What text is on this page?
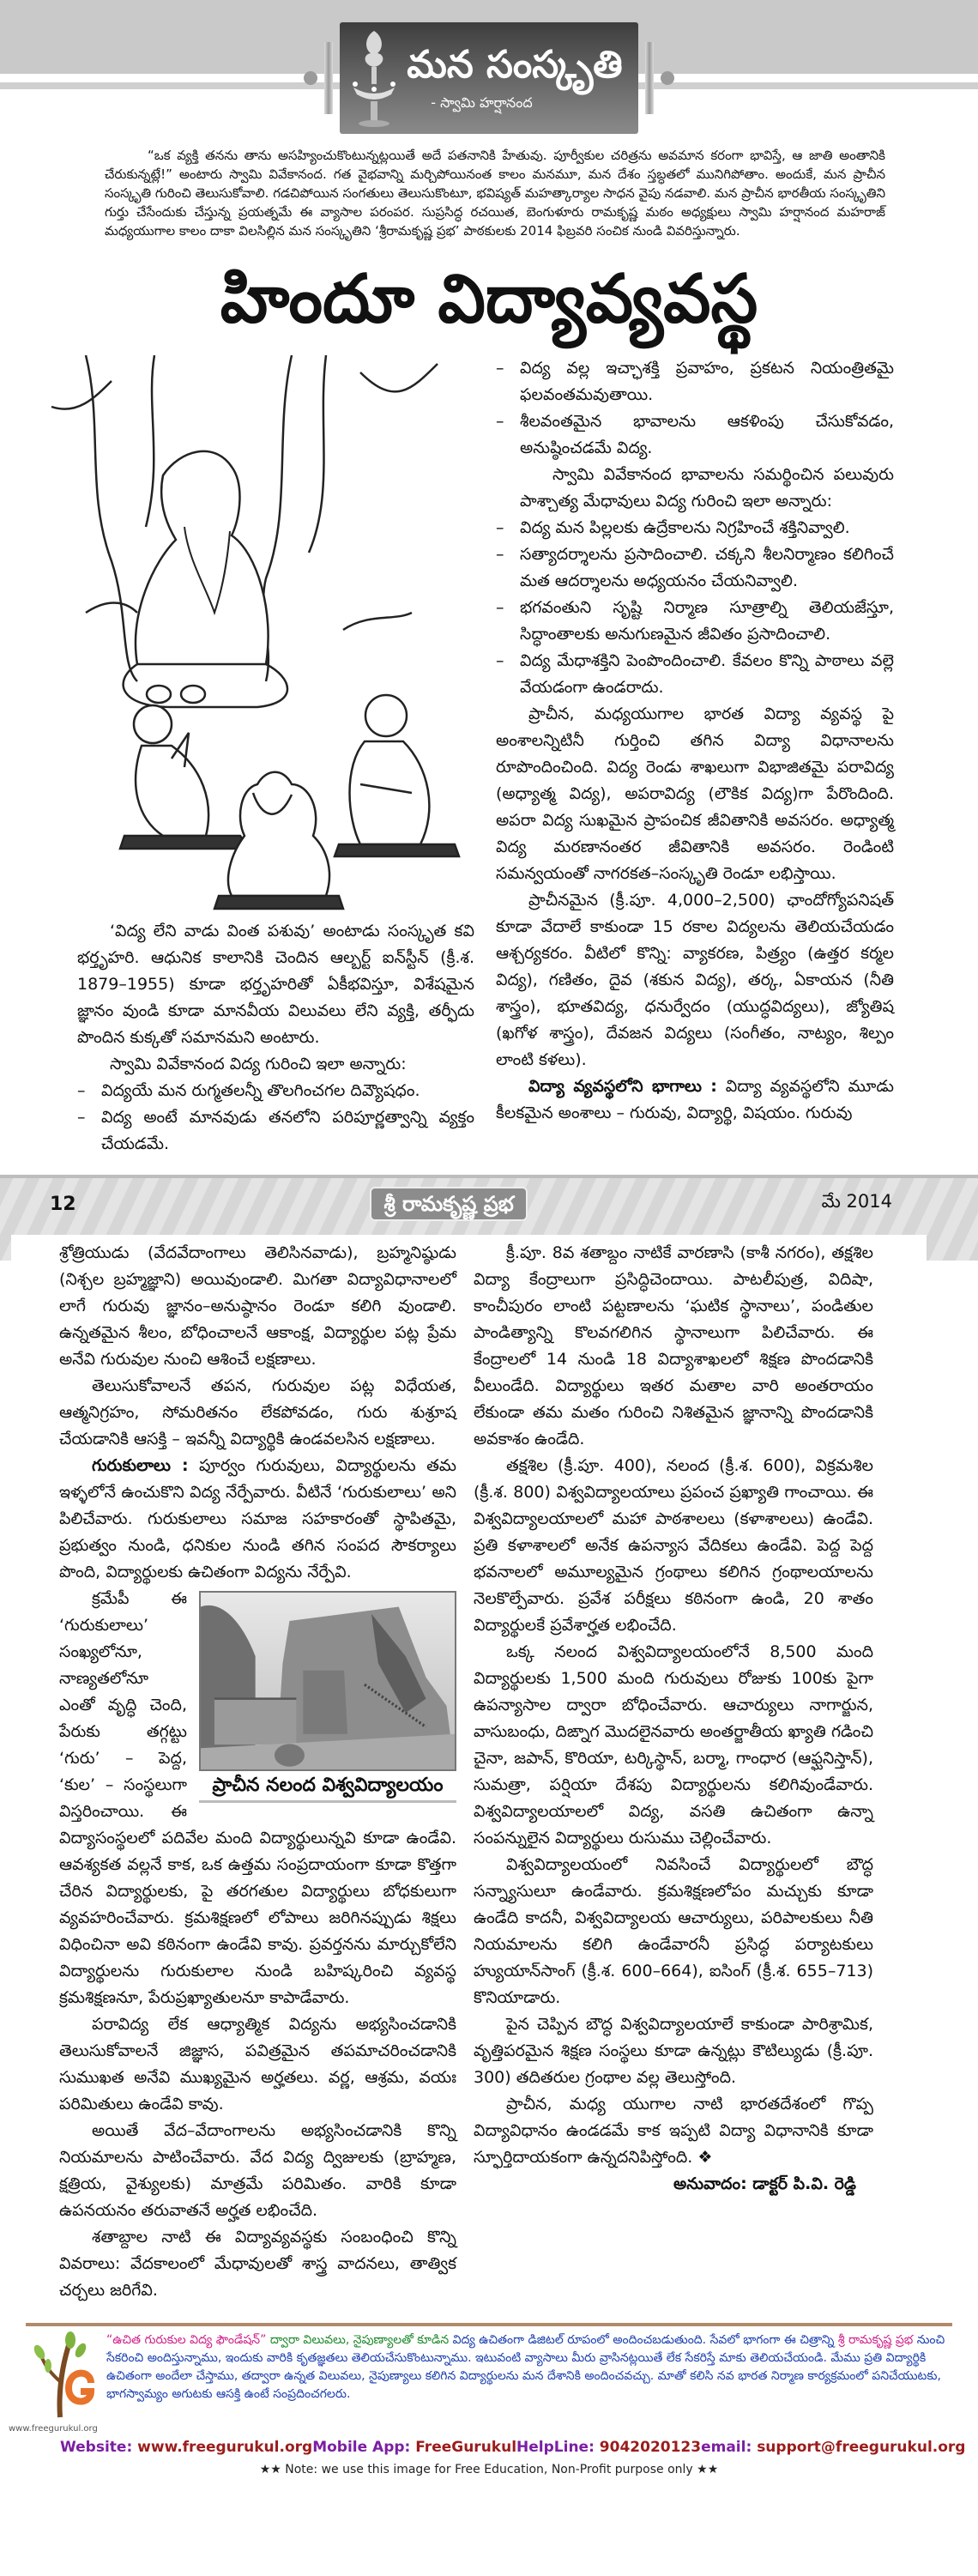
మన సంస్కృతి
- స్వామి హర్షానంద

“ఒక వ్యక్తి తనను తాను అసహ్యించుకొంటున్నట్లయితే అదే పతనానికి హేతువు. పూర్వీకుల చరిత్రను అవమాన కరంగా భావిస్తే, ఆ జాతి అంతానికి చేరుకున్నట్లే!” అంటారు స్వామి వివేకానంద. గత వైభవాన్ని మర్చిపోయినంత కాలం మనమూ, మన దేశం స్తబ్ధతలో మునిగిపోతాం. అందుకే, మన ప్రాచీన సంస్కృతి గురించి తెలుసుకోవాలి. గడచిపోయిన సంగతులు తెలుసుకొంటూ, భవిష్యత్ మహత్కార్యాల సాధన వైపు నడవాలి. మన ప్రాచీన భారతీయ సంస్కృతిని గుర్తు చేసేందుకు చేస్తున్న ప్రయత్నమే ఈ వ్యాసాల పరంపర. సుప్రసిద్ధ రచయిత, బెంగుళూరు రామకృష్ణ మఠం అధ్యక్షులు స్వామి హర్షానంద మహరాజ్ మధ్యయుగాల కాలం దాకా విలసిల్లిన మన సంస్కృతిని ‘శ్రీరామకృష్ణ ప్రభ’ పాఠకులకు 2014 ఫిబ్రవరి సంచిక నుండి వివరిస్తున్నారు.

హిందూ విద్యావ్యవస్థ

‘విద్య లేని వాడు వింత పశువు’ అంటాడు సంస్కృత కవి భర్తృహరి. ఆధునిక కాలానికి చెందిన ఆల్బర్ట్ ఐన్‌స్టీన్ (క్రీ.శ. 1879–1955) కూడా భర్తృహరితో ఏకీభవిస్తూ, విశేషమైన జ్ఞానం వుండి కూడా మానవీయ విలువలు లేని వ్యక్తి, తర్ఫీదు పొందిన కుక్కతో సమానమని అంటారు.

స్వామి వివేకానంద విద్య గురించి ఇలా అన్నారు:

– విద్యయే మన రుగ్మతలన్నీ తొలగించగల దివ్యౌషధం.
– విద్య అంటే మానవుడు తనలోని పరిపూర్ణత్వాన్ని వ్యక్తం చేయడమే.
– విద్య వల్ల ఇచ్ఛాశక్తి ప్రవాహం, ప్రకటన నియంత్రితమై ఫలవంతమవుతాయి.
– శీలవంతమైన భావాలను ఆకళింపు చేసుకోవడం, అనుష్ఠించడమే విద్య.

స్వామి వివేకానంద భావాలను సమర్థించిన పలువురు పాశ్చాత్య మేధావులు విద్య గురించి ఇలా అన్నారు:

– విద్య మన పిల్లలకు ఉద్రేకాలను నిగ్రహించే శక్తినివ్వాలి.
– సత్యాదర్శాలను ప్రసాదించాలి. చక్కని శీలనిర్మాణం కలిగించే మత ఆదర్శాలను అధ్యయనం చేయనివ్వాలి.
– భగవంతుని సృష్టి నిర్మాణ సూత్రాల్ని తెలియజేస్తూ, సిద్ధాంతాలకు అనుగుణమైన జీవితం ప్రసాదించాలి.
– విద్య మేధాశక్తిని పెంపొందించాలి. కేవలం కొన్ని పాఠాలు వల్లె వేయడంగా ఉండరాదు.

ప్రాచీన, మధ్యయుగాల భారత విద్యా వ్యవస్థ పై అంశాలన్నిటినీ గుర్తించి తగిన విద్యా విధానాలను రూపొందించింది. విద్య రెండు శాఖలుగా విభాజితమై పరావిద్య (అధ్యాత్మ విద్య), అపరావిద్య (లౌకిక విద్య)గా పేరొందింది. అపరా విద్య సుఖమైన ప్రాపంచిక జీవితానికి అవసరం. అధ్యాత్మ విద్య మరణానంతర జీవితానికి అవసరం. రెండింటి సమన్వయంతో నాగరకత–సంస్కృతి రెండూ లభిస్తాయి.

ప్రాచీనమైన (క్రీ.పూ. 4,000–2,500) ఛాందోగ్యోపనిషత్ కూడా వేదాలే కాకుండా 15 రకాల విద్యలను తెలియచేయడం ఆశ్చర్యకరం. వీటిలో కొన్ని: వ్యాకరణ, పిత్ర్యం (ఉత్తర కర్మల విద్య), గణితం, దైవ (శకున విద్య), తర్క, ఏకాయన (నీతి శాస్త్రం), భూతవిద్య, ధనుర్వేదం (యుద్ధవిద్యలు), జ్యోతిష (ఖగోళ శాస్త్రం), దేవజన విద్యలు (సంగీతం, నాట్యం, శిల్పం లాంటి కళలు).

విద్యా వ్యవస్థలోని భాగాలు : విద్యా వ్యవస్థలోని మూడు కీలకమైన అంశాలు – గురువు, విద్యార్థి, విషయం. గురువు

12	శ్రీ రామకృష్ణ ప్రభ	మే 2014

శ్రోత్రియుడు (వేదవేదాంగాలు తెలిసినవాడు), బ్రహ్మనిష్ఠుడు (నిశ్చల బ్రహ్మజ్ఞాని) అయివుండాలి. మిగతా విద్యావిధానాలలో లాగే గురువు జ్ఞానం–అనుష్ఠానం రెండూ కలిగి వుండాలి. ఉన్నతమైన శీలం, బోధించాలనే ఆకాంక్ష, విద్యార్థుల పట్ల ప్రేమ అనేవి గురువుల నుంచి ఆశించే లక్షణాలు.

తెలుసుకోవాలనే తపన, గురువుల పట్ల విధేయత, ఆత్మనిగ్రహం, సోమరితనం లేకపోవడం, గురు శుశ్రూష చేయడానికి ఆసక్తి – ఇవన్నీ విద్యార్థికి ఉండవలసిన లక్షణాలు.

గురుకులాలు : పూర్వం గురువులు, విద్యార్థులను తమ ఇళ్ళలోనే ఉంచుకొని విద్య నేర్పేవారు. వీటినే ‘గురుకులాలు’ అని పిలిచేవారు. గురుకులాలు సమాజ సహకారంతో స్థాపితమై, ప్రభుత్వం నుండి, ధనికుల నుండి తగిన సంపద సౌకర్యాలు పొంది, విద్యార్థులకు ఉచితంగా విద్యను నేర్పేవి.

ప్రాచీన నలంద విశ్వవిద్యాలయం

క్రమేపీ ఈ ‘గురుకులాలు’ సంఖ్యలోనూ, నాణ్యతలోనూ ఎంతో వృద్ధి చెంది, పేరుకు తగ్గట్టు ‘గురు’ – పెద్ద, ‘కుల’ – సంస్థలుగా విస్తరించాయి. ఈ విద్యాసంస్థలలో పదివేల మంది విద్యార్థులున్నవి కూడా ఉండేవి. ఆవశ్యకత వల్లనే కాక, ఒక ఉత్తమ సంప్రదాయంగా కూడా కొత్తగా చేరిన విద్యార్థులకు, పై తరగతుల విద్యార్థులు బోధకులుగా వ్యవహరించేవారు. క్రమశిక్షణలో లోపాలు జరిగినప్పుడు శిక్షలు విధించినా అవి కఠినంగా ఉండేవి కావు. ప్రవర్తనను మార్చుకోలేని విద్యార్థులను గురుకులాల నుండి బహిష్కరించి వ్యవస్థ క్రమశిక్షణనూ, పేరుప్రఖ్యాతులనూ కాపాడేవారు.

పరావిద్య లేక ఆధ్యాత్మిక విద్యను అభ్యసించడానికి తెలుసుకోవాలనే జిజ్ఞాస, పవిత్రమైన తపమాచరించడానికి సుముఖత అనేవి ముఖ్యమైన అర్హతలు. వర్ణ, ఆశ్రమ, వయః పరిమితులు ఉండేవి కావు.

అయితే వేద–వేదాంగాలను అభ్యసించడానికి కొన్ని నియమాలను పాటించేవారు. వేద విద్య ద్విజులకు (బ్రాహ్మణ, క్షత్రియ, వైశ్యులకు) మాత్రమే పరిమితం. వారికి కూడా ఉపనయనం తరువాతనే అర్హత లభించేది.

శతాబ్దాల నాటి ఈ విద్యావ్యవస్థకు సంబంధించి కొన్ని వివరాలు: వేదకాలంలో మేధావులతో శాస్త్ర వాదనలు, తాత్విక చర్చలు జరిగేవి.

క్రీ.పూ. 8వ శతాబ్దం నాటికే వారణాసి (కాశీ నగరం), తక్షశిల విద్యా కేంద్రాలుగా ప్రసిద్ధిచెందాయి. పాటలీపుత్ర, విదిషా, కాంచీపురం లాంటి పట్టణాలను ‘ఘటిక స్థానాలు’, పండితుల పాండిత్యాన్ని కొలవగలిగిన స్థానాలుగా పిలిచేవారు. ఈ కేంద్రాలలో 14 నుండి 18 విద్యాశాఖలలో శిక్షణ పొందడానికి వీలుండేది. విద్యార్థులు ఇతర మతాల వారి అంతరాయం లేకుండా తమ మతం గురించి నిశితమైన జ్ఞానాన్ని పొందడానికి అవకాశం ఉండేది.

తక్షశిల (క్రీ.పూ. 400), నలంద (క్రీ.శ. 600), విక్రమశిల (క్రీ.శ. 800) విశ్వవిద్యాలయాలు ప్రపంచ ప్రఖ్యాతి గాంచాయి. ఈ విశ్వవిద్యాలయాలలో మహా పాఠశాలలు (కళాశాలలు) ఉండేవి. ప్రతి కళాశాలలో అనేక ఉపన్యాస వేదికలు ఉండేవి. పెద్ద పెద్ద భవనాలలో అమూల్యమైన గ్రంథాలు కలిగిన గ్రంథాలయాలను నెలకొల్పేవారు. ప్రవేశ పరీక్షలు కఠినంగా ఉండి, 20 శాతం విద్యార్థులకే ప్రవేశార్హత లభించేది.

ఒక్క నలంద విశ్వవిద్యాలయంలోనే 8,500 మంది విద్యార్థులకు 1,500 మంది గురువులు రోజుకు 100కు పైగా ఉపన్యాసాల ద్వారా బోధించేవారు. ఆచార్యులు నాగార్జున, వాసుబంధు, దిఙ్నాగ మొదలైనవారు అంతర్జాతీయ ఖ్యాతి గడించి చైనా, జపాన్, కొరియా, టర్కిస్థాన్, బర్మా, గాంధార (ఆఫ్ఘనిస్తాన్), సుమత్రా, పర్షియా దేశపు విద్యార్థులను కలిగివుండేవారు. విశ్వవిద్యాలయాలలో విద్య, వసతి ఉచితంగా ఉన్నా సంపన్నులైన విద్యార్థులు రుసుము చెల్లించేవారు.

విశ్వవిద్యాలయంలో నివసించే విద్యార్థులలో బౌద్ధ సన్న్యాసులూ ఉండేవారు. క్రమశిక్షణలోపం మచ్చుకు కూడా ఉండేది కాదనీ, విశ్వవిద్యాలయ ఆచార్యులు, పరిపాలకులు నీతి నియమాలను కలిగి ఉండేవారనీ ప్రసిద్ధ పర్యాటకులు హ్యుయాన్‌సాంగ్ (క్రీ.శ. 600–664), ఐసింగ్ (క్రీ.శ. 655–713) కొనియాడారు.

పైన చెప్పిన బౌద్ధ విశ్వవిద్యాలయాలే కాకుండా పారిశ్రామిక, వృత్తిపరమైన శిక్షణ సంస్థలు కూడా ఉన్నట్లు కౌటిల్యుడు (క్రీ.పూ. 300) తదితరుల గ్రంథాల వల్ల తెలుస్తోంది.

ప్రాచీన, మధ్య యుగాల నాటి భారతదేశంలో గొప్ప విద్యావిధానం ఉండడమే కాక ఇప్పటి విద్యా విధానానికి కూడా స్ఫూర్తిదాయకంగా ఉన్నదనిపిస్తోంది. ❖

అనువాదం: డాక్టర్ పి.వి. రెడ్డి
www.freegurukul.org

“ఉచిత గురుకుల విద్య ఫౌండేషన్” ద్వారా విలువలు, నైపుణ్యాలతో కూడిన విద్య ఉచితంగా డిజిటల్ రూపంలో అందించబడుతుంది. సేవలో భాగంగా ఈ చిత్రాన్ని శ్రీ రామకృష్ణ ప్రభ నుంచి సేకరించి అందిస్తున్నాము, ఇందుకు వారికి కృతజ్ఞతలు తెలియచేసుకొంటున్నాము. ఇటువంటి వ్యాసాలు మీరు వ్రాసినట్లయితే లేక సేకరిస్తే మాకు తెలియచేయండి. మేము ప్రతి విద్యార్థికి ఉచితంగా అందేలా చేస్తాము, తద్వారా ఉన్నత విలువలు, నైపుణ్యాలు కలిగిన విద్యార్థులను మన దేశానికి అందించవచ్చు. మాతో కలిసి నవ భారత నిర్మాణ కార్యక్రమంలో పనిచేయుటకు, భాగస్వామ్యం అగుటకు ఆసక్తి ఉంటే సంప్రదించగలరు.

Website: www.freegurukul.org Mobile App: FreeGurukul HelpLine: 9042020123 email: support@freegurukul.org
★★ Note: we use this image for Free Education, Non-Profit purpose only ★★
